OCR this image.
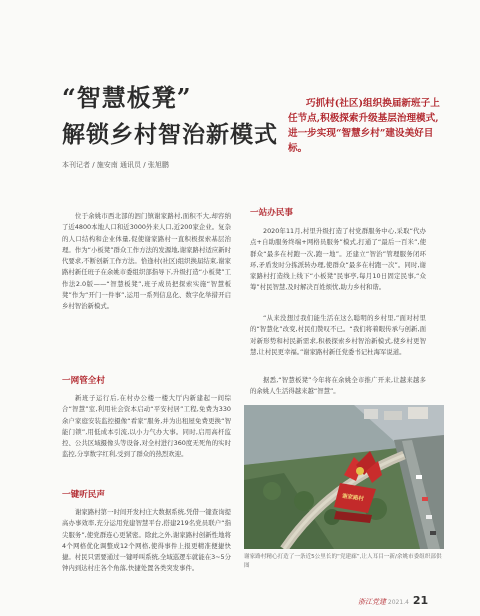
“智慧板凳”
解锁乡村智治新模式
巧抓村(社区)组织换届新班子上任节点,积极探索升级基层治理模式,进一步实现“智慧乡村”建设美好目标。
本刊记者 / 施安南 通讯员 / 张旭鹏
位于余姚市西北部的泗门镇谢家路村,面积不大,却容纳了近4800本地人口和近3000外来人口,近200家企业。复杂的人口结构和企业体量,促使谢家路村一直积极探索基层治理。作为“小板凳”群众工作方法的发源地,谢家路村适应新时代要求,不断创新工作方法。恰逢村(社区)组织换届结束,谢家路村新任班子在余姚市委组织部指导下,升级打造“小板凳”工作法2.0版——“智慧板凳”,班子成员把探索实施“智慧板凳”作为“开门一件事”,运用一系列信息化、数字化举措开启乡村智治新模式。
一网管全村
新班子运行后,在村办公楼一楼大厅内新建起一间综合“智慧”室,利用社会资本启动“平安村居”工程,免费为330余户家庭安装监控摄像“看家”服务,并为出租屋免费更换“智能门锁”,用低成本引流,以小力气办大事。同时,启用高杆监控、公共区域摄像头等设备,对全村进行360度无死角的实时监控,分享数字红利,受到了群众的热烈欢迎。
一键听民声
谢家路村第一时间开发村庄大数据系统,凭借一键查询提高办事效率,充分运用党建智慧平台,搭建219名党员联户“指尖服务”,使党群连心更紧密。除此之外,谢家路村创新性地将4个网格优化调整成12个网格,使得事件上报更精准便捷快捷。村民只需要通过一键呼叫系统,全域巡逻车就能在3~5分钟内到达村庄各个角落,快捷处置各类突发事件。
一站办民事
2020年11月,村里升级打造了村党群服务中心,采取“代办点+自助服务终端+网格员服务”模式,打通了“最后一百米”,使群众“最多在村跑一次,跑一地”。还建立“智治”管理服务闭环环,矛盾发时分拣派转办理,使群众“最多在村跑一次”。同时,谢家路村打造线上线下“小板凳”民事亭,每月10日固定民事,“众筹”村民智慧,及时解决百姓烦忧,助力乡村和谐。
“从来没想过我们能生活在这么聪明的乡村里,”面对村里的“智慧化”改变,村民们赞叹不已。“我们将着眼传承与创新,面对新形势和村民新需求,积极探索乡村智治新模式,使乡村更智慧,让村民更幸福。”谢家路村新任党委书记杜海军说道。
据悉,“智慧板凳”今年将在余姚全市推广开来,让越来越多的余姚人生活得越来越“智慧”。
谢家路村
谢家路村精心打造了一条近5公里长的“党建廊”,让人耳目一新/余姚市委组织部供图
浙江党建 2021.4 21
